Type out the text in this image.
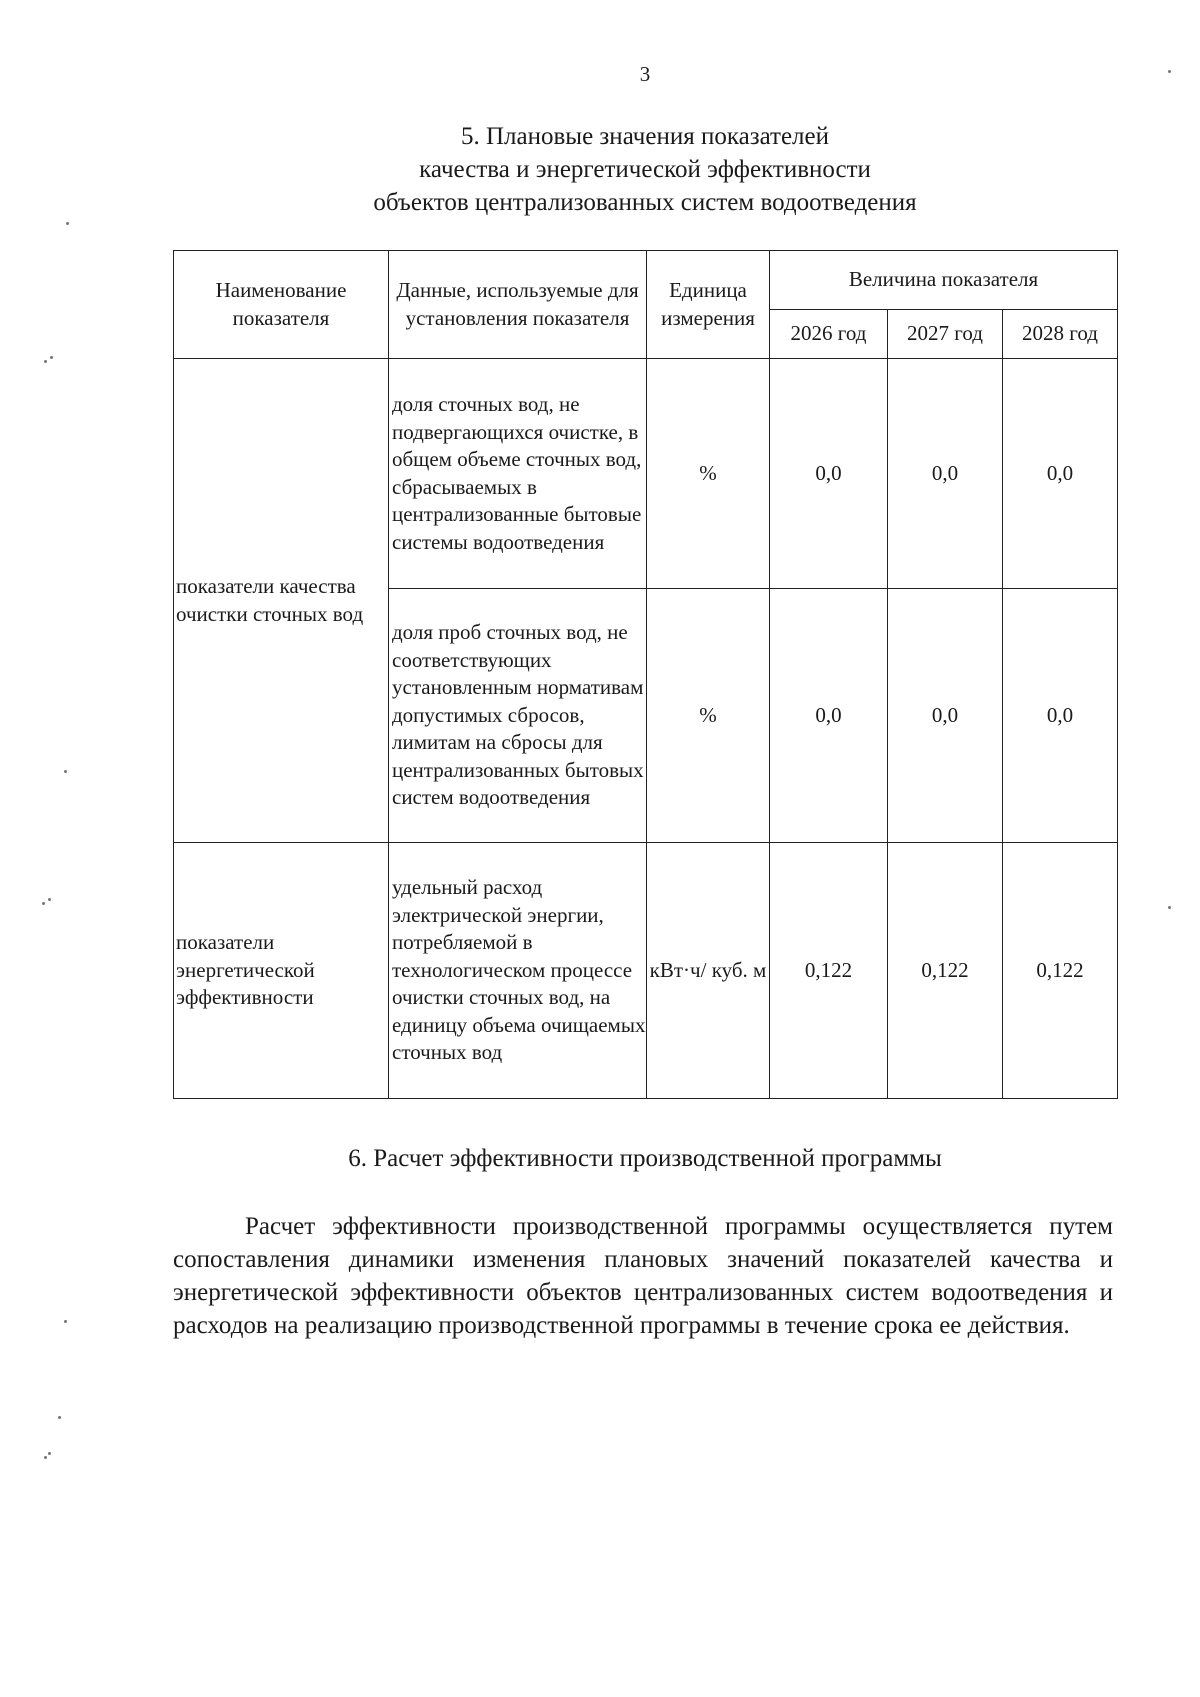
3
5. Плановые значения показателей
качества и энергетической эффективности
объектов централизованных систем водоотведения
Наименование показателя	Данные, используемые для установления показателя	Единица измерения	Величина показателя		
			2026 год	2027 год	2028 год
показатели качества очистки сточных вод	доля сточных вод, не подвергающихся очистке, в общем объеме сточных вод, сбрасываемых в централизованные бытовые системы водоотведения	%	0,0	0,0	0,0
	доля проб сточных вод, не соответствующих установленным нормативам допустимых сбросов, лимитам на сбросы для централизованных бытовых систем водоотведения	%	0,0	0,0	0,0
показатели энергетической эффективности	удельный расход электрической энергии, потребляемой в технологическом процессе очистки сточных вод, на единицу объема очищаемых сточных вод	кВт·ч/ куб. м	0,122	0,122	0,122
6. Расчет эффективности производственной программы
Расчет эффективности производственной программы осуществляется путем сопоставления динамики изменения плановых значений показателей качества и энергетической эффективности объектов централизованных систем водоотведения и расходов на реализацию производственной программы в течение срока ее действия.
